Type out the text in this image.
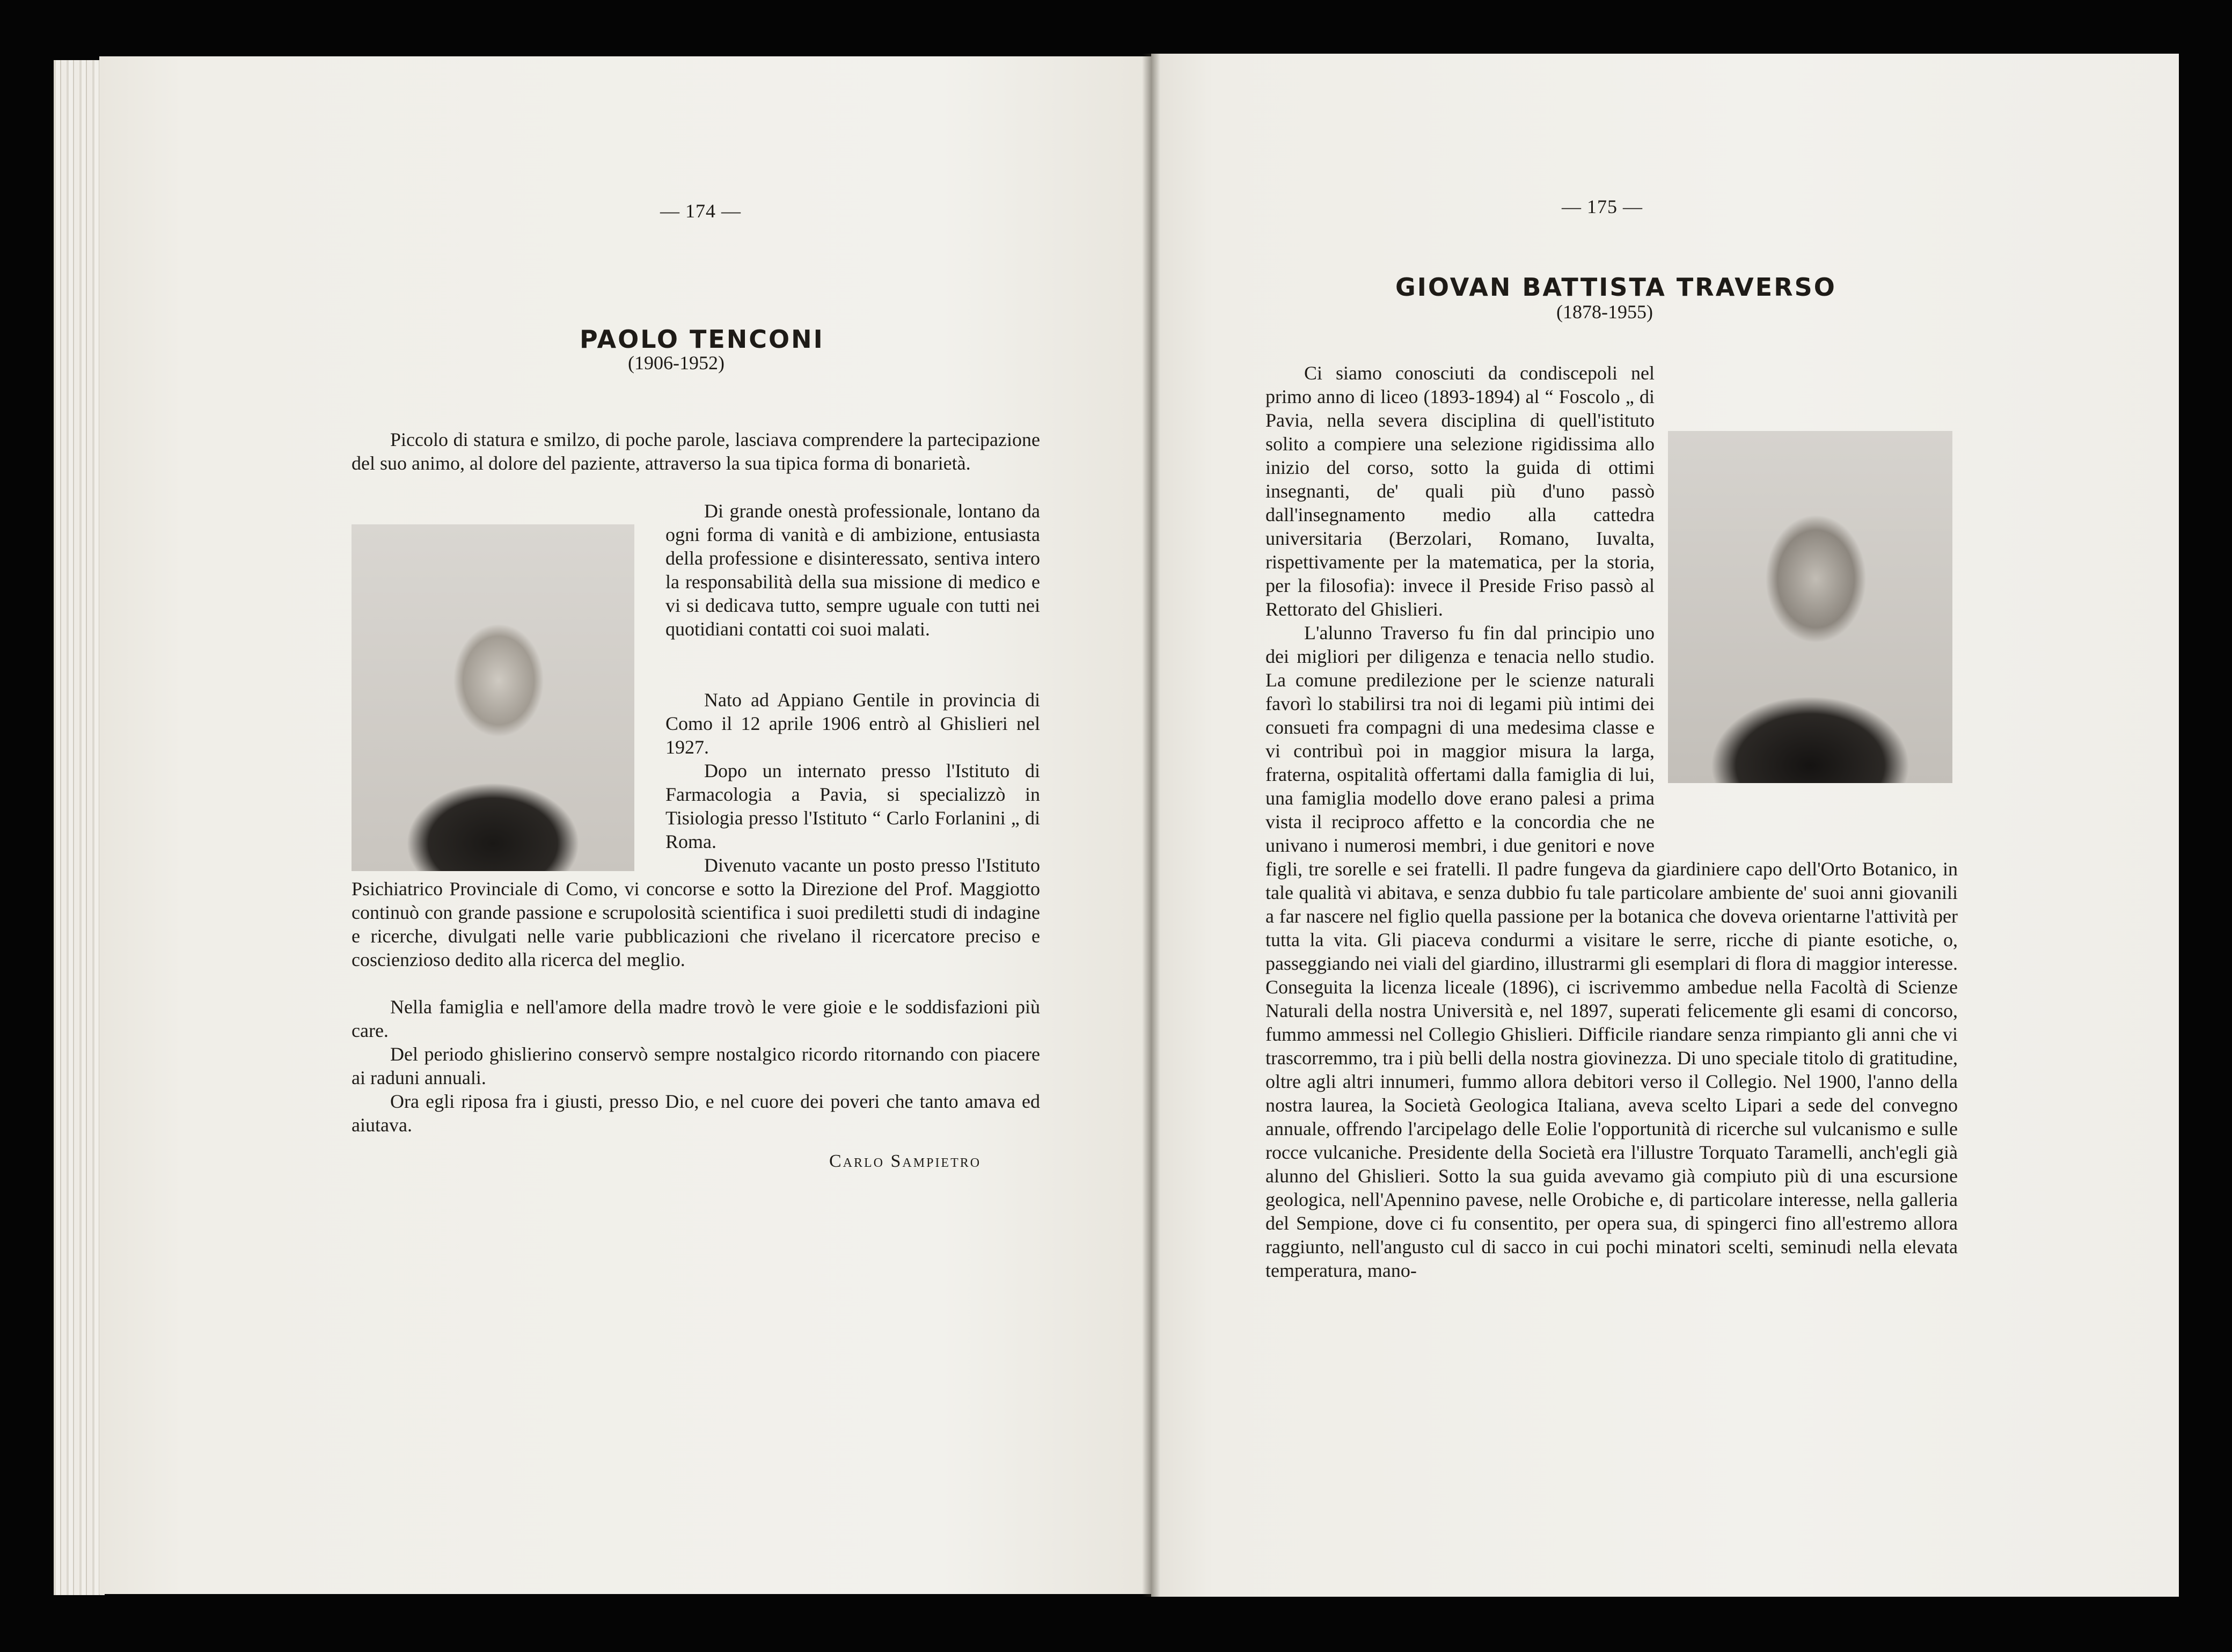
— 174 —
PAOLO TENCONI
(1906-1952)

Piccolo di statura e smilzo, di poche parole, lasciava comprendere la partecipazione del suo animo, al dolore del paziente, attraverso la sua tipica forma di bonarietà.

Di grande onestà professionale, lontano da ogni forma di vanità e di ambizione, entusiasta della professione e disinteressato, sentiva intero la responsabilità della sua missione di medico e vi si dedicava tutto, sempre uguale con tutti nei quotidiani contatti coi suoi malati.

Nato ad Appiano Gentile in provincia di Como il 12 aprile 1906 entrò al Ghislieri nel 1927.

Dopo un internato presso l'Istituto di Farmacologia a Pavia, si specializzò in Tisiologia presso l'Istituto “ Carlo Forlanini „ di Roma.

Divenuto vacante un posto presso l'Istituto Psichiatrico Provinciale di Como, vi concorse e sotto la Direzione del Prof. Maggiotto continuò con grande passione e scrupolosità scientifica i suoi prediletti studi di indagine e ricerche, divulgati nelle varie pubblicazioni che rivelano il ricercatore preciso e coscienzioso dedito alla ricerca del meglio.

Nella famiglia e nell'amore della madre trovò le vere gioie e le soddisfazioni più care.

Del periodo ghislierino conservò sempre nostalgico ricordo ritornando con piacere ai raduni annuali.

Ora egli riposa fra i giusti, presso Dio, e nel cuore dei poveri che tanto amava ed aiutava.

Carlo Sampietro
— 175 —
GIOVAN BATTISTA TRAVERSO
(1878-1955)

Ci siamo conosciuti da condiscepoli nel primo anno di liceo (1893-1894) al “ Foscolo „ di Pavia, nella severa disciplina di quell'istituto solito a compiere una selezione rigidissima allo inizio del corso, sotto la guida di ottimi insegnanti, de' quali più d'uno passò dall'insegnamento medio alla cattedra universitaria (Berzolari, Romano, Iuvalta, rispettivamente per la matematica, per la storia, per la filosofia): invece il Preside Friso passò al Rettorato del Ghislieri.

L'alunno Traverso fu fin dal principio uno dei migliori per diligenza e tenacia nello studio. La comune predilezione per le scienze naturali favorì lo stabilirsi tra noi di legami più intimi dei consueti fra compagni di una medesima classe e vi contribuì poi in maggior misura la larga, fraterna, ospitalità offertami dalla famiglia di lui, una famiglia modello dove erano palesi a prima vista il reciproco affetto e la concordia che ne univano i numerosi membri, i due genitori e nove figli, tre sorelle e sei fratelli. Il padre fungeva da giardiniere capo dell'Orto Botanico, in tale qualità vi abitava, e senza dubbio fu tale particolare ambiente de' suoi anni giovanili a far nascere nel figlio quella passione per la botanica che doveva orientarne l'attività per tutta la vita. Gli piaceva condurmi a visitare le serre, ricche di piante esotiche, o, passeggiando nei viali del giardino, illustrarmi gli esemplari di flora di maggior interesse. Conseguita la licenza liceale (1896), ci iscrivemmo ambedue nella Facoltà di Scienze Naturali della nostra Università e, nel 1897, superati felicemente gli esami di concorso, fummo ammessi nel Collegio Ghislieri. Difficile riandare senza rimpianto gli anni che vi trascorremmo, tra i più belli della nostra giovinezza. Di uno speciale titolo di gratitudine, oltre agli altri innumeri, fummo allora debitori verso il Collegio. Nel 1900, l'anno della nostra laurea, la Società Geologica Italiana, aveva scelto Lipari a sede del convegno annuale, offrendo l'arcipelago delle Eolie l'opportunità di ricerche sul vulcanismo e sulle rocce vulcaniche. Presidente della Società era l'illustre Torquato Taramelli, anch'egli già alunno del Ghislieri. Sotto la sua guida avevamo già compiuto più di una escursione geologica, nell'Apennino pavese, nelle Orobiche e, di particolare interesse, nella galleria del Sempione, dove ci fu consentito, per opera sua, di spingerci fino all'estremo allora raggiunto, nell'angusto cul di sacco in cui pochi minatori scelti, seminudi nella elevata temperatura, mano-
